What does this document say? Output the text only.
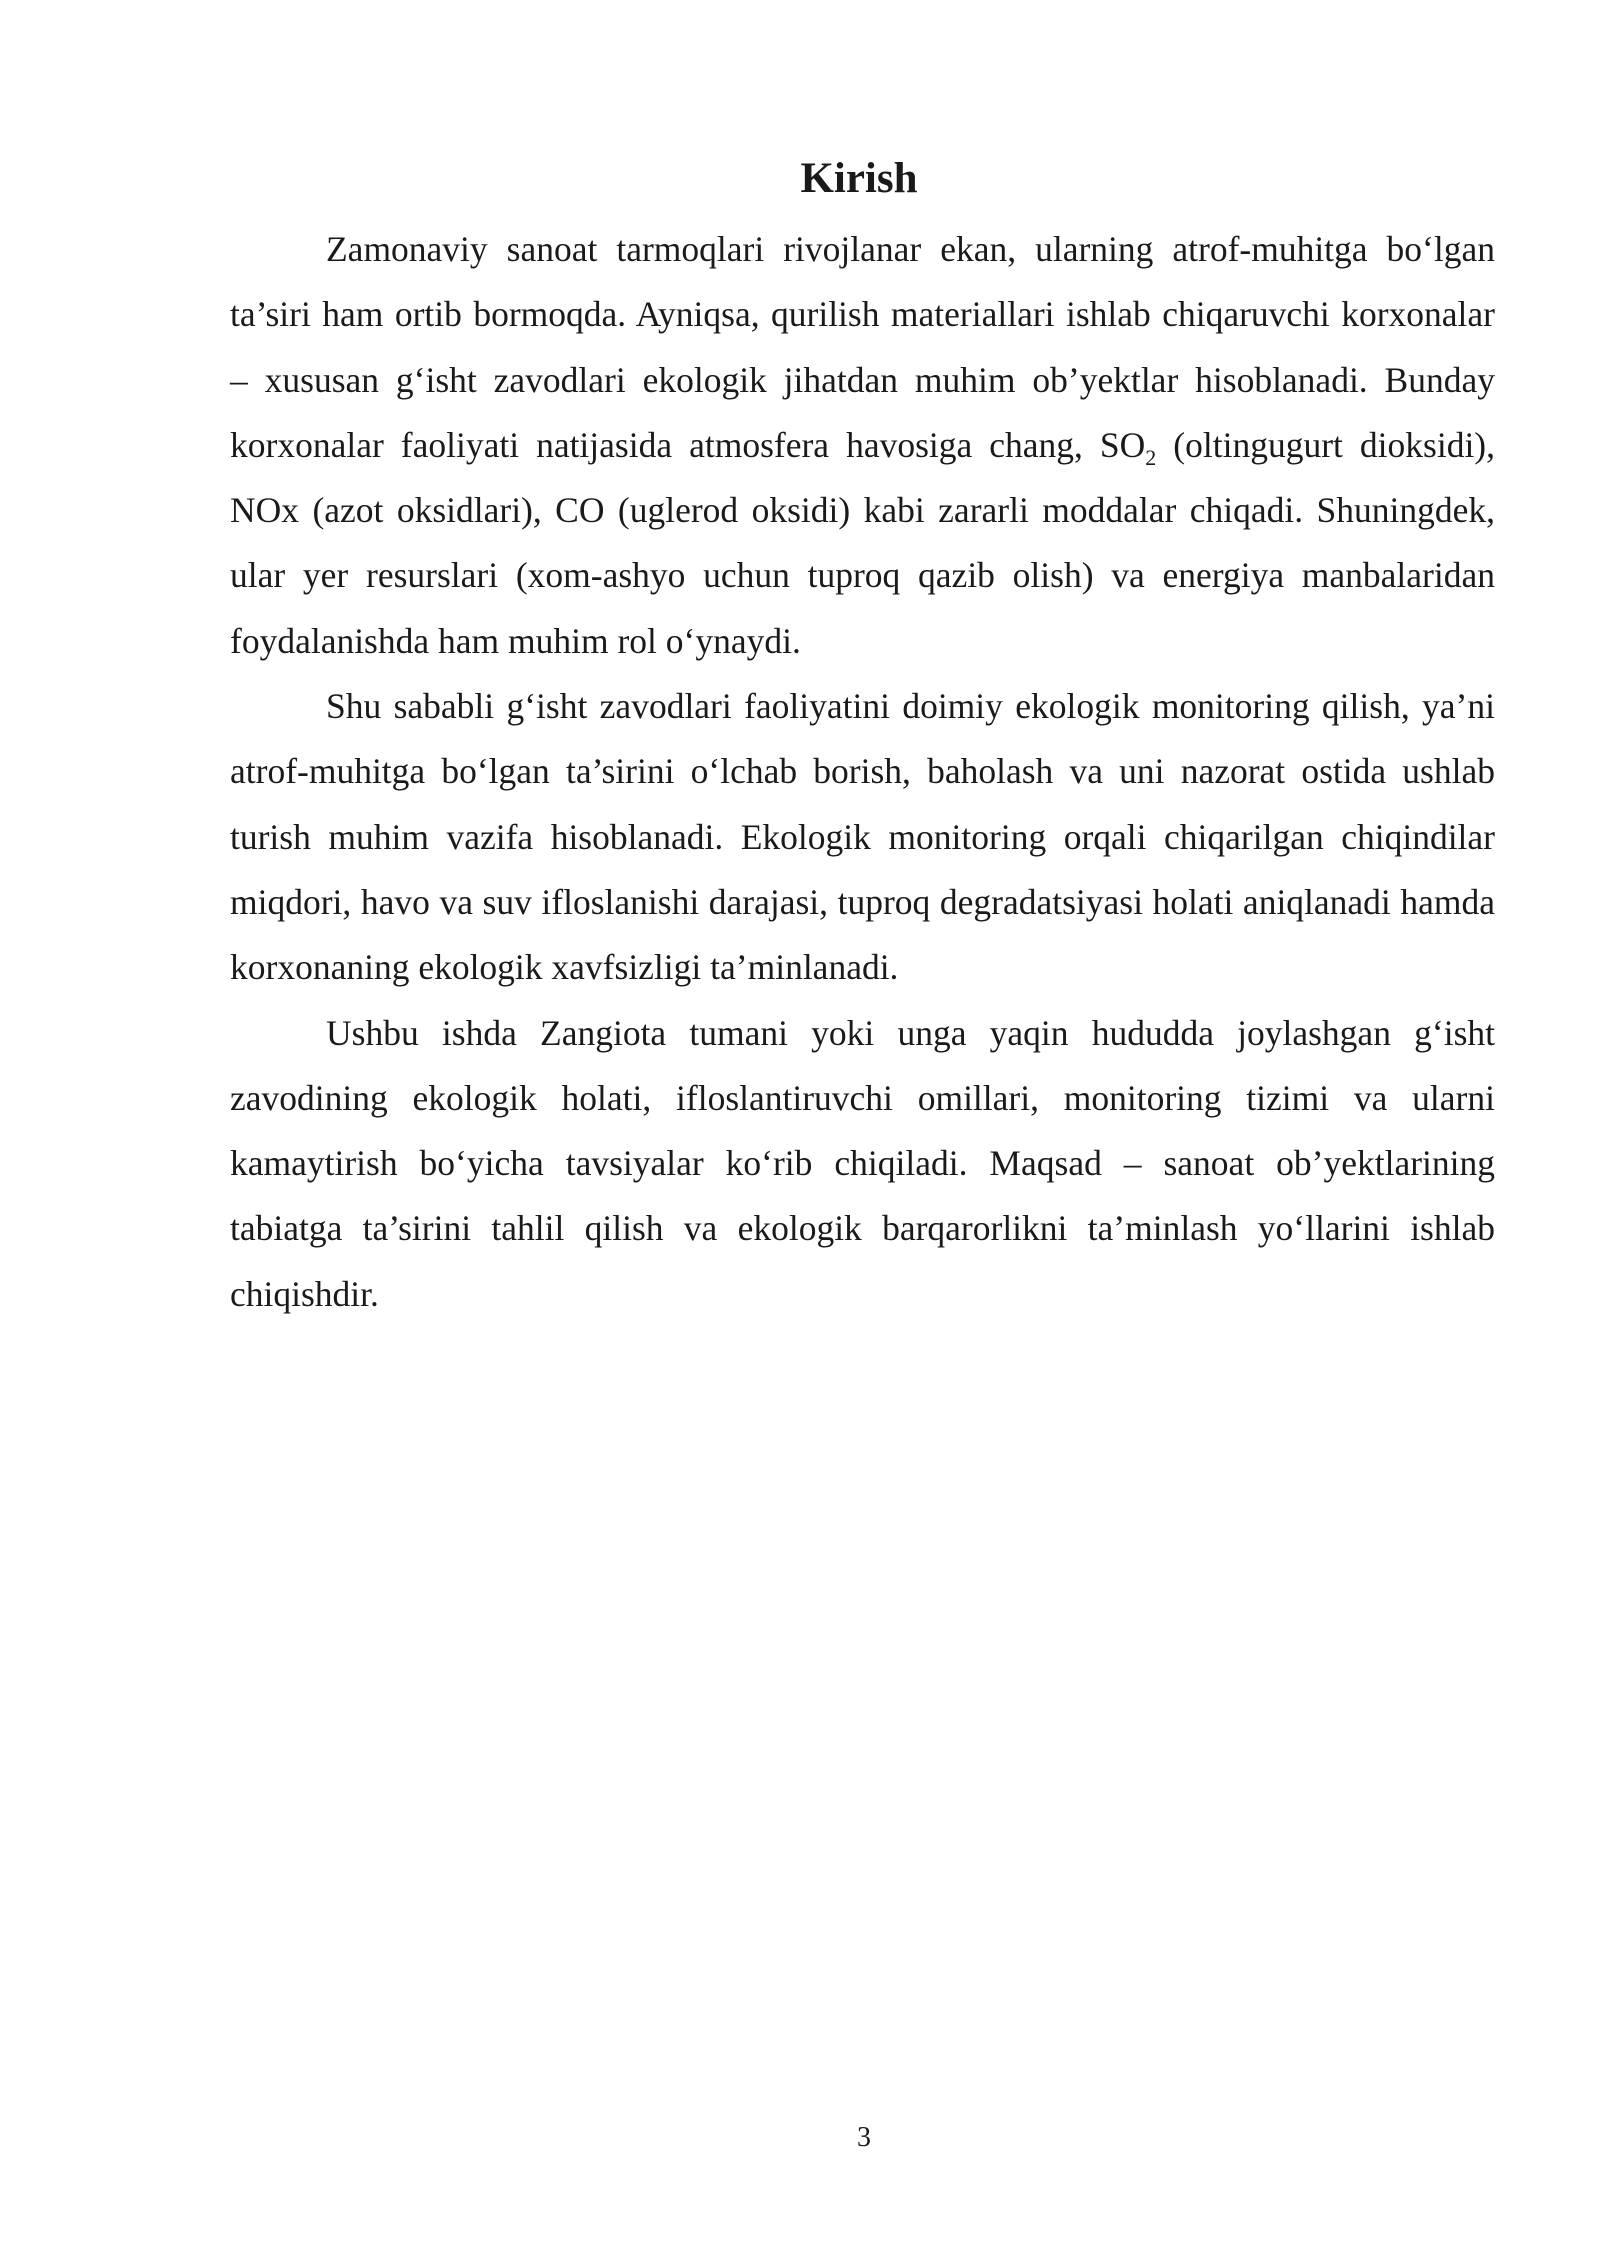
Kirish

Zamonaviy sanoat tarmoqlari rivojlanar ekan, ularning atrof-muhitga bo‘lgan ta’siri ham ortib bormoqda. Ayniqsa, qurilish materiallari ishlab chiqaruvchi korxonalar – xususan g‘isht zavodlari ekologik jihatdan muhim ob’yektlar hisoblanadi. Bunday korxonalar faoliyati natijasida atmosfera havosiga chang, $SO_2$ (oltingugurt dioksidi), NOx (azot oksidlari), CO (uglerod oksidi) kabi zararli moddalar chiqadi. Shuningdek, ular yer resurslari (xom-ashyo uchun tuproq qazib olish) va energiya manbalaridan foydalanishda ham muhim rol o‘ynaydi.

Shu sababli g‘isht zavodlari faoliyatini doimiy ekologik monitoring qilish, ya’ni atrof-muhitga bo‘lgan ta’sirini o‘lchab borish, baholash va uni nazorat ostida ushlab turish muhim vazifa hisoblanadi. Ekologik monitoring orqali chiqarilgan chiqindilar miqdori, havo va suv ifloslanishi darajasi, tuproq degradatsiyasi holati aniqlanadi hamda korxonaning ekologik xavfsizligi ta’minlanadi.

Ushbu ishda Zangiota tumani yoki unga yaqin hududda joylashgan g‘isht zavodining ekologik holati, ifloslantiruvchi omillari, monitoring tizimi va ularni kamaytirish bo‘yicha tavsiyalar ko‘rib chiqiladi. Maqsad – sanoat ob’yektlarining tabiatga ta’sirini tahlil qilish va ekologik barqarorlikni ta’minlash yo‘llarini ishlab chiqishdir.

3
